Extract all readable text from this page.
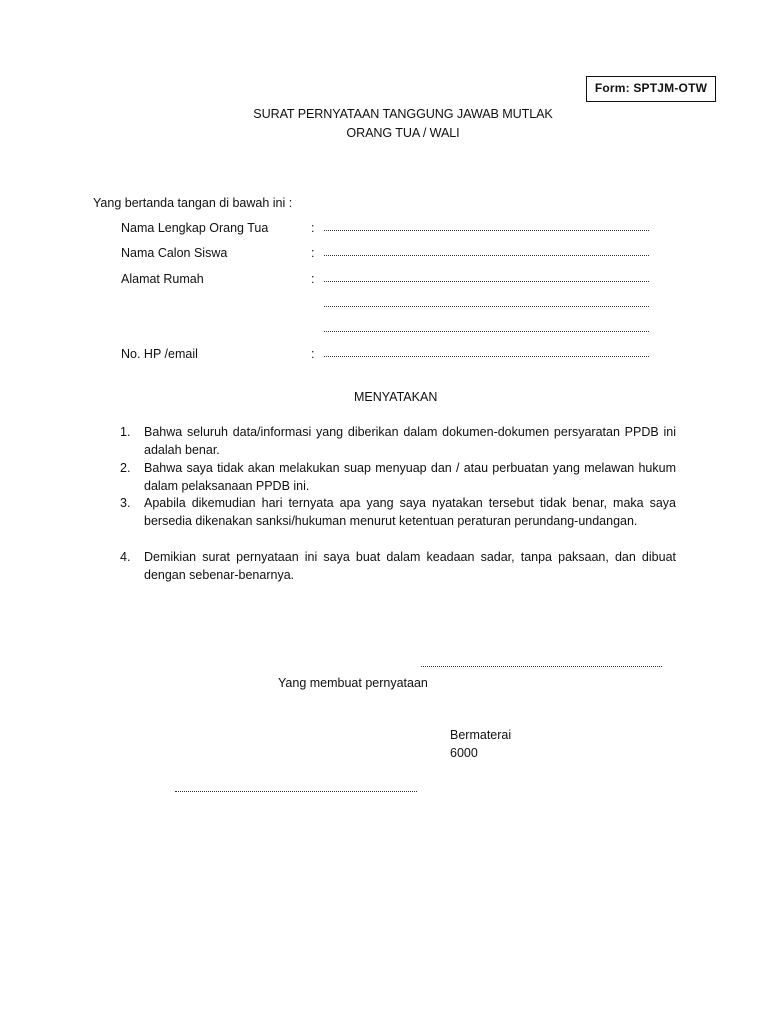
Form: SPTJM-OTW
SURAT PERNYATAAN TANGGUNG JAWAB MUTLAK
ORANG TUA / WALI
Yang bertanda tangan di bawah ini :
Nama Lengkap Orang Tua	:
Nama Calon Siswa	:
Alamat Rumah	:
No. HP /email	:
MENYATAKAN
1.	Bahwa seluruh data/informasi yang diberikan dalam dokumen-dokumen persyaratan PPDB ini adalah benar.
2.	Bahwa saya tidak akan melakukan suap menyuap dan / atau perbuatan yang melawan hukum dalam pelaksanaan PPDB ini.
3.	Apabila dikemudian hari ternyata apa yang saya nyatakan tersebut tidak benar, maka saya bersedia dikenakan sanksi/hukuman menurut ketentuan peraturan perundang-undangan.
4.	Demikian surat pernyataan ini saya buat dalam keadaan sadar, tanpa paksaan, dan dibuat dengan sebenar-benarnya.
Yang membuat pernyataan
Bermaterai
6000
